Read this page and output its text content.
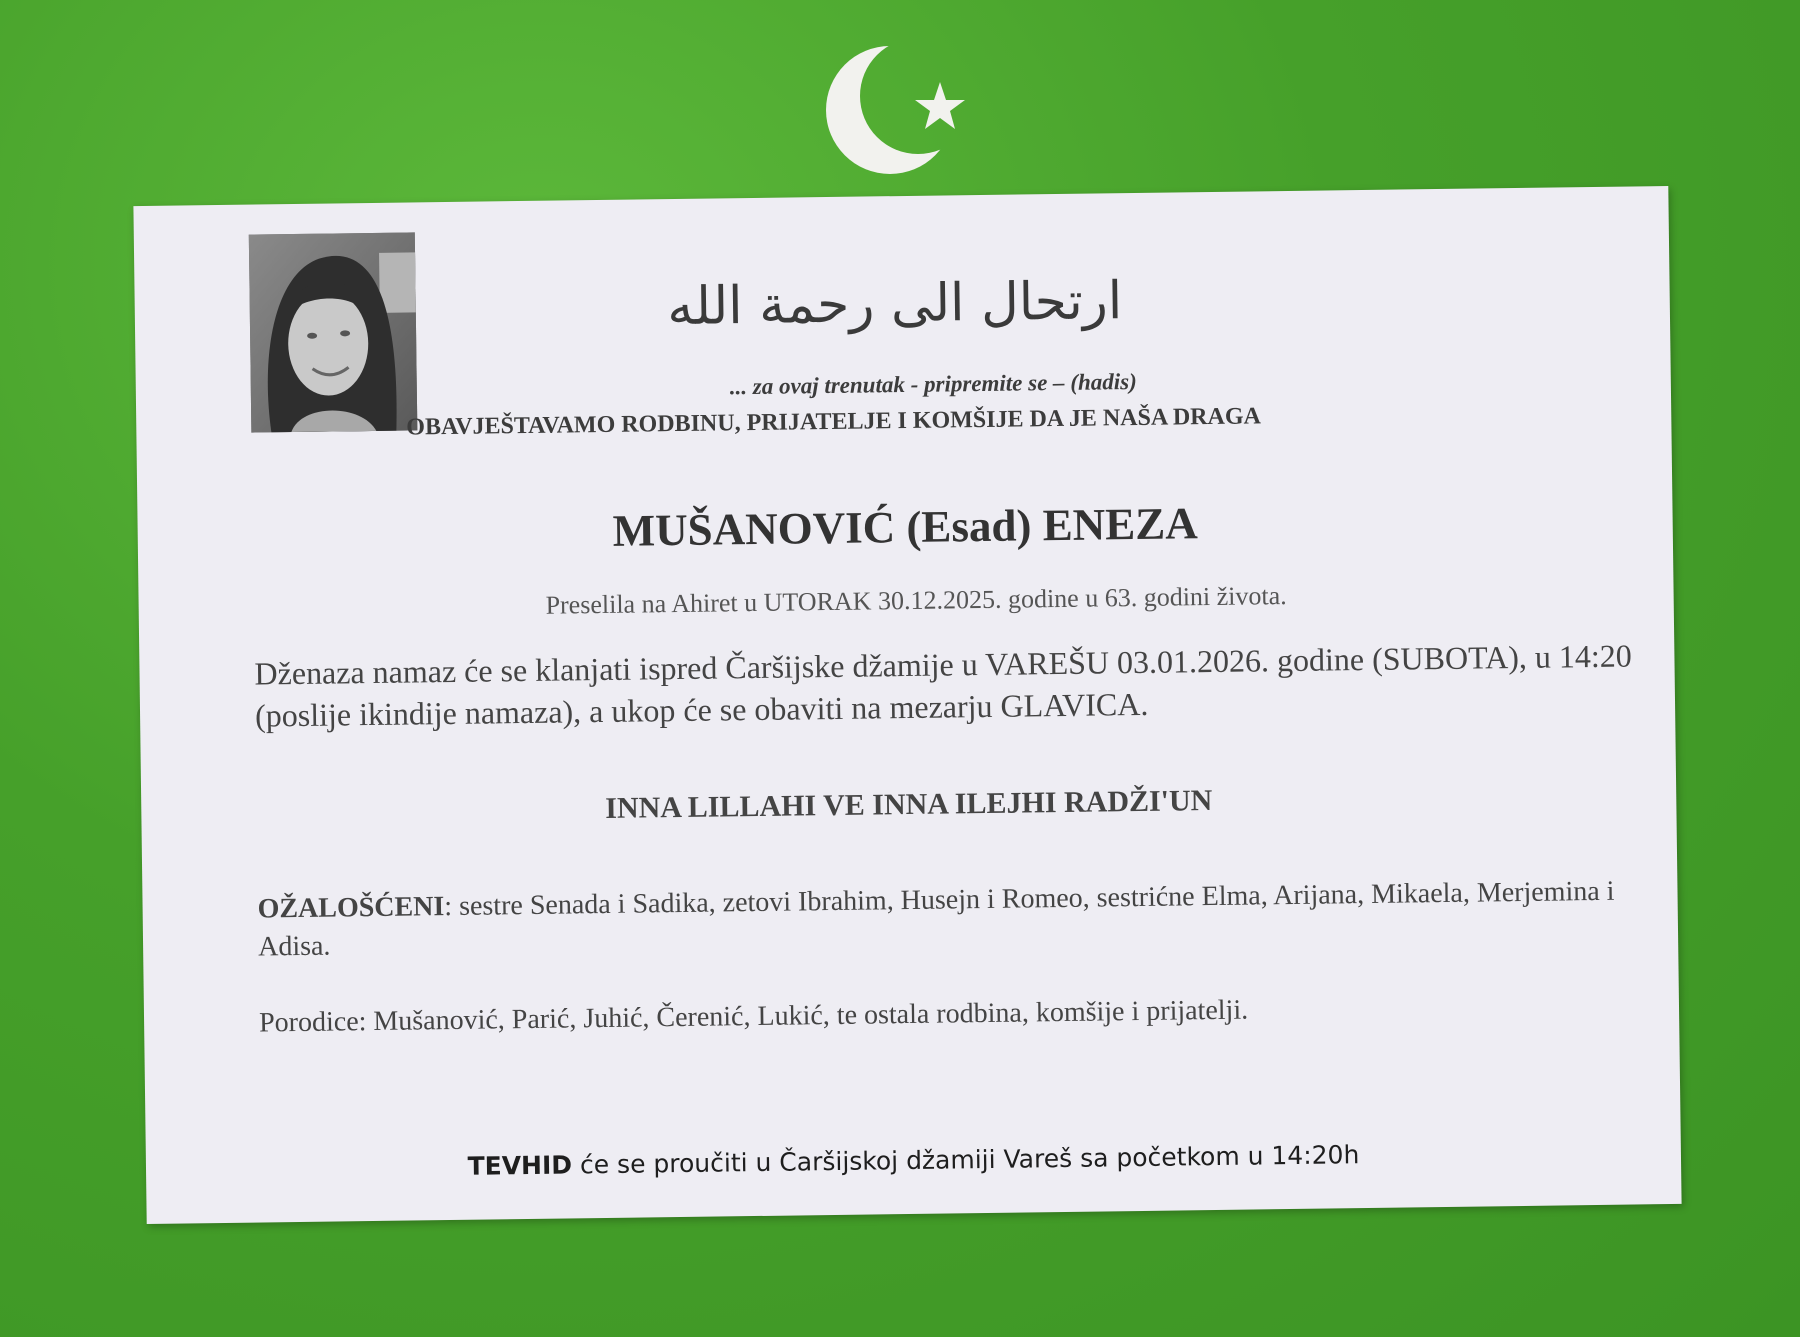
ارتحال الى رحمة الله
... za ovaj trenutak - pripremite se – (hadis)
OBAVJEŠTAVAMO RODBINU, PRIJATELJE I KOMŠIJE DA JE NAŠA DRAGA
MUŠANOVIĆ (Esad) ENEZA
Preselila na Ahiret u UTORAK 30.12.2025. godine u 63. godini života.
Dženaza namaz će se klanjati ispred Čaršijske džamije u VAREŠU 03.01.2026. godine (SUBOTA), u 14:20 (poslije ikindije namaza), a ukop će se obaviti na mezarju GLAVICA.
INNA LILLAHI VE INNA ILEJHI RADŽI'UN
OŽALOŠĆENI: sestre Senada i Sadika, zetovi Ibrahim, Husejn i Romeo, sestrićne Elma, Arijana, Mikaela, Merjemina i Adisa.
Porodice: Mušanović, Parić, Juhić, Čerenić, Lukić, te ostala rodbina, komšije i prijatelji.
TEVHID će se proučiti u Čaršijskoj džamiji Vareš sa početkom u 14:20h
